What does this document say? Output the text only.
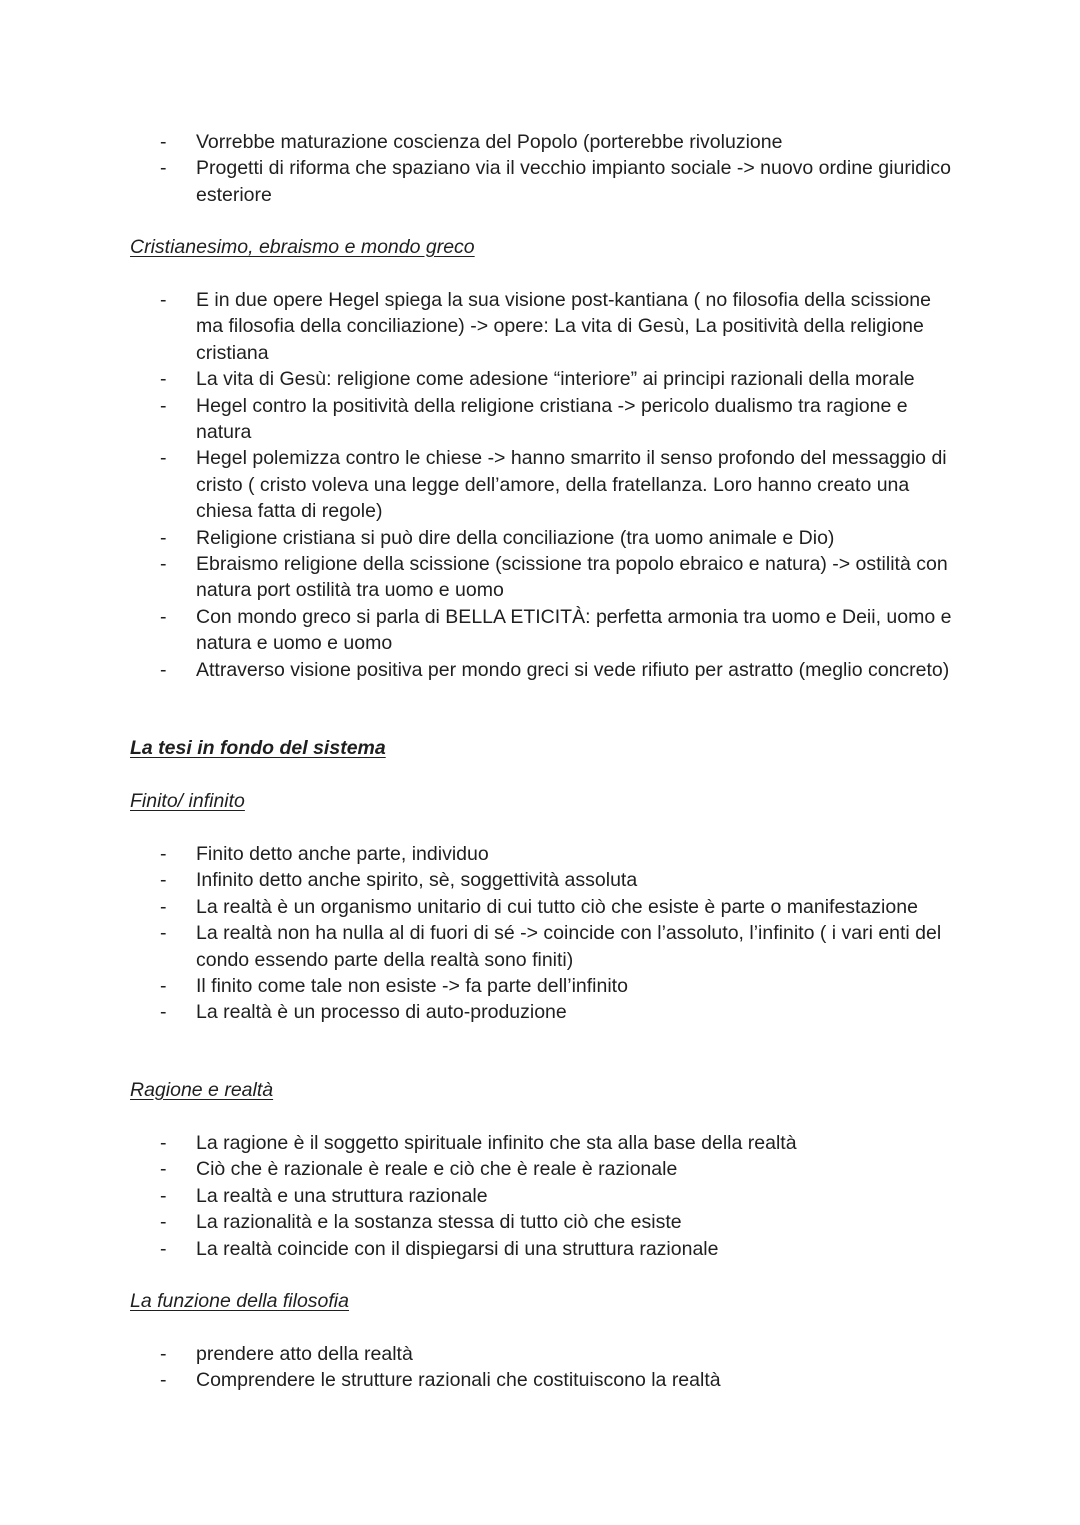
- Vorrebbe maturazione coscienza del Popolo (porterebbe rivoluzione
- Progetti di riforma che spaziano via il vecchio impianto sociale -> nuovo ordine giuridico esteriore
Cristianesimo, ebraismo e mondo greco
- E in due opere Hegel spiega la sua visione post-kantiana ( no filosofia della scissione ma filosofia della conciliazione) -> opere: La vita di Gesù, La positività della religione cristiana
- La vita di Gesù: religione come adesione “interiore” ai principi razionali della morale
- Hegel contro la positività della religione cristiana -> pericolo dualismo tra ragione e natura
- Hegel polemizza contro le chiese -> hanno smarrito il senso profondo del messaggio di cristo ( cristo voleva una legge dell’amore, della fratellanza. Loro hanno creato una chiesa fatta di regole)
- Religione cristiana si può dire della conciliazione (tra uomo animale e Dio)
- Ebraismo religione della scissione (scissione tra popolo ebraico e natura) -> ostilità con natura port ostilità tra uomo e uomo
- Con mondo greco si parla di BELLA ETICITÀ: perfetta armonia tra uomo e Deii, uomo e natura e uomo e uomo
- Attraverso visione positiva per mondo greci si vede rifiuto per astratto (meglio concreto)
La tesi in fondo del sistema
Finito/ infinito
- Finito detto anche parte, individuo
- Infinito detto anche spirito, sè, soggettività assoluta
- La realtà è un organismo unitario di cui tutto ciò che esiste è parte o manifestazione
- La realtà non ha nulla al di fuori di sé -> coincide con l’assoluto, l’infinito ( i vari enti del condo essendo parte della realtà sono finiti)
- Il finito come tale non esiste -> fa parte dell’infinito
- La realtà è un processo di auto-produzione
Ragione e realtà
- La ragione è il soggetto spirituale infinito che sta alla base della realtà
- Ciò che è razionale è reale e ciò che è reale è razionale
- La realtà e una struttura razionale
- La razionalità e la sostanza stessa di tutto ciò che esiste
- La realtà coincide con il dispiegarsi di una struttura razionale
La funzione della filosofia
- prendere atto della realtà
- Comprendere le strutture razionali che costituiscono la realtà
